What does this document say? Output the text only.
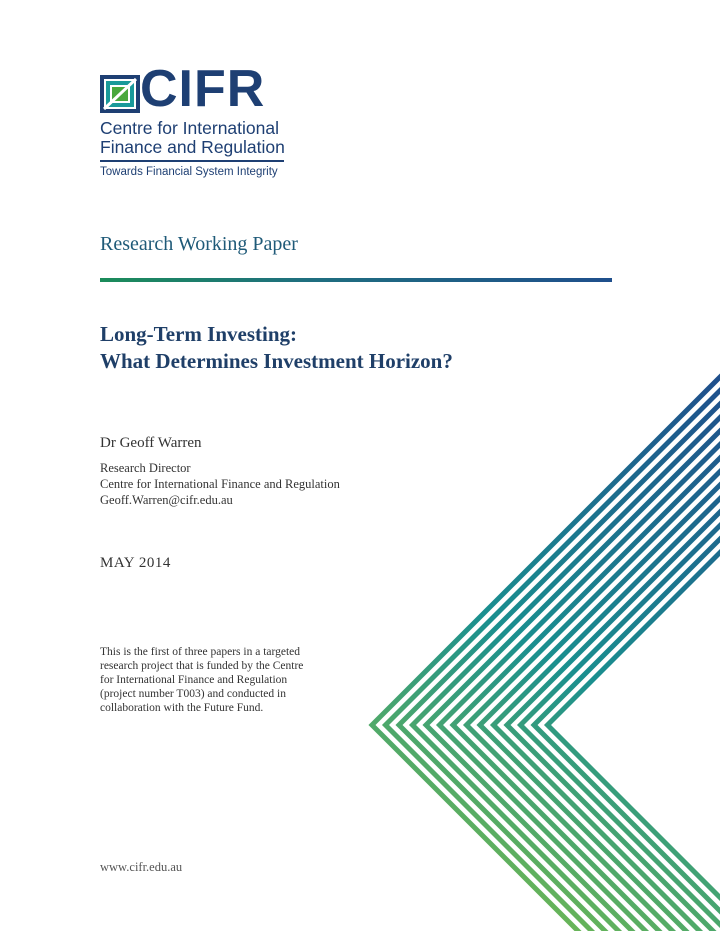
CIFR
Centre for International
Finance and Regulation
Towards Financial System Integrity
Research Working Paper
Long-Term Investing:
What Determines Investment Horizon?
Dr Geoff Warren
Research Director
Centre for International Finance and Regulation
Geoff.Warren@cifr.edu.au
MAY 2014
This is the first of three papers in a targeted
research project that is funded by the Centre
for International Finance and Regulation
(project number T003) and conducted in
collaboration with the Future Fund.
www.cifr.edu.au
